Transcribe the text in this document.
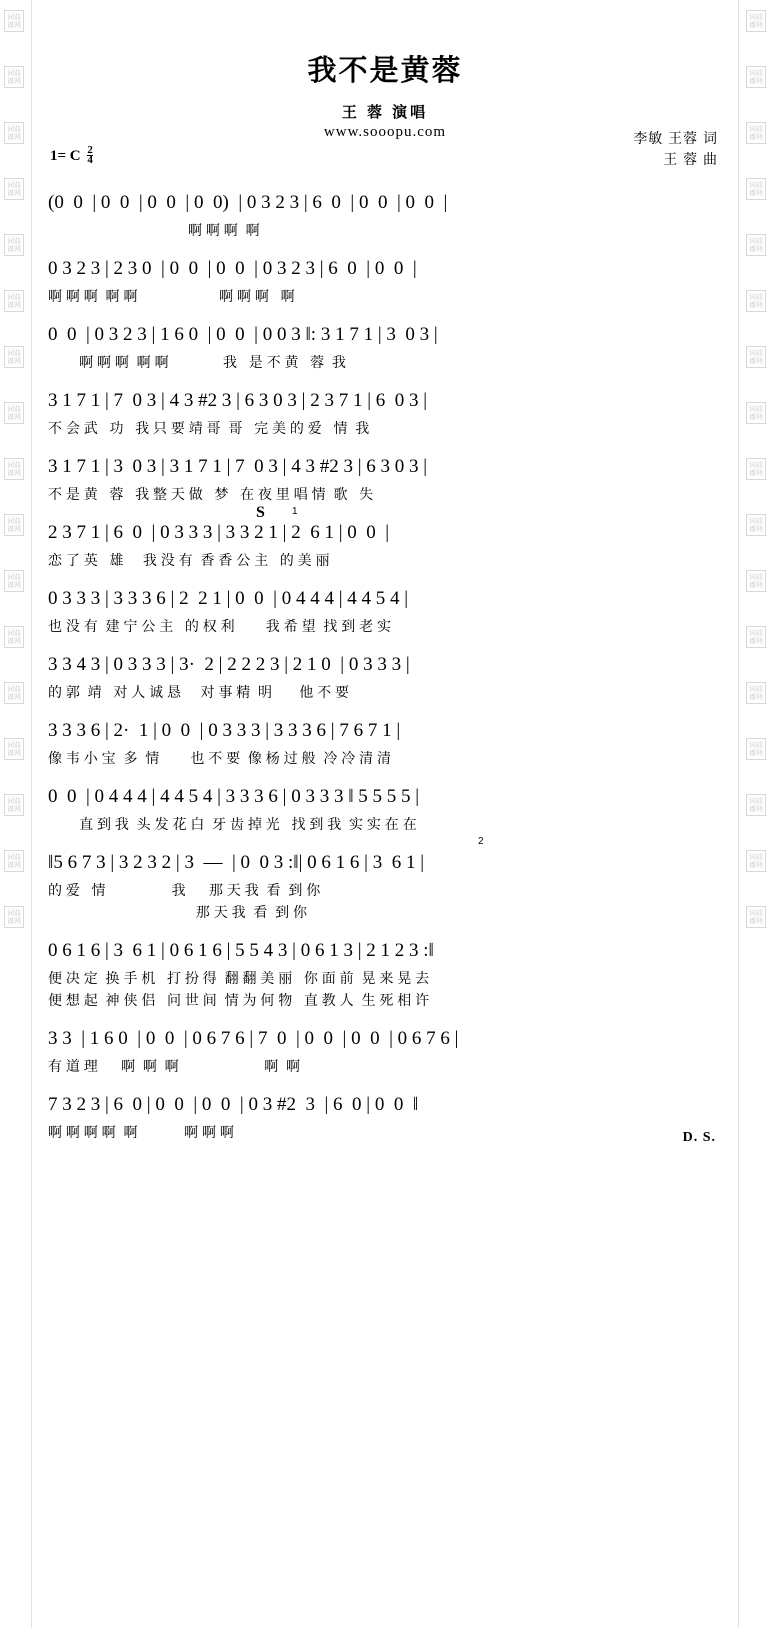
词曲谱网
词曲谱网
词曲谱网
词曲谱网
词曲谱网
词曲谱网
词曲谱网
词曲谱网
词曲谱网
词曲谱网
词曲谱网
词曲谱网
词曲谱网
词曲谱网
词曲谱网
词曲谱网
词曲谱网
词曲谱网
词曲谱网
词曲谱网
词曲谱网
词曲谱网
词曲谱网
词曲谱网
词曲谱网
词曲谱网
词曲谱网
词曲谱网
词曲谱网
词曲谱网
词曲谱网
词曲谱网
词曲谱网
词曲谱网
我不是黄蓉
王 蓉 演唱
www.sooopu.com	李敏 王蓉 词
王 蓉 曲
1= C $\frac{2}{4}$
(0  0  | 0  0  | 0  0  | 0  0)  | 0 3 2 3 | 6  0  | 0  0  | 0  0  |
啊 啊 啊  啊
0 3 2 3 | 2 3 0  | 0  0  | 0  0  | 0 3 2 3 | 6  0  | 0  0  |
啊 啊 啊  啊 啊                     啊 啊 啊   啊
0  0  | 0 3 2 3 | 1 6 0  | 0  0  | 0 0 3 ‖: 3 1 7 1 | 3  0 3 |
啊 啊 啊  啊 啊              我   是 不 黄   蓉  我
3 1 7 1 | 7  0 3 | 4 3 #2 3 | 6 3 0 3 | 2 3 7 1 | 6  0 3 |
不 会 武   功   我 只 要 靖 哥  哥   完 美 的 爱   情  我
3 1 7 1 | 3  0 3 | 3 1 7 1 | 7  0 3 | 4 3 #2 3 | 6 3 0 3 |
不 是 黄   蓉   我 整 天 做   梦   在 夜 里 唱 情  歌   失
S	1
2 3 7 1 | 6  0  | 0 3 3 3 | 3 3 2 1 | 2  6 1 | 0  0  |
恋 了 英   雄     我 没 有  香 香 公 主   的 美 丽
0 3 3 3 | 3 3 3 6 | 2  2 1 | 0  0  | 0 4 4 4 | 4 4 5 4 |
也 没 有  建 宁 公 主   的 权 利        我 希 望  找 到 老 实
3 3 4 3 | 0 3 3 3 | 3·  2 | 2 2 2 3 | 2 1 0  | 0 3 3 3 |
的 郭  靖   对 人 诚 恳     对 事 精  明       他 不 要
3 3 3 6 | 2·  1 | 0  0  | 0 3 3 3 | 3 3 3 6 | 7 6 7 1 |
像 韦 小 宝  多  情        也 不 要  像 杨 过 般  冷 冷 清 清
0  0  | 0 4 4 4 | 4 4 5 4 | 3 3 3 6 | 0 3 3 3 ‖ 5 5 5 5 |
直 到 我  头 发 花 白  牙 齿 掉 光   找 到 我  实 实 在 在
2
‖5 6 7 3 | 3 2 3 2 | 3  —  | 0  0 3 :‖| 0 6 1 6 | 3  6 1 |
的 爱   情                 我      那 天 我  看  到 你
那 天 我  看  到 你
0 6 1 6 | 3  6 1 | 0 6 1 6 | 5 5 4 3 | 0 6 1 3 | 2 1 2 3 :‖
便 决 定  换 手 机   打 扮 得  翻 翻 美 丽   你 面 前  晃 来 晃 去
便 想 起  神 侠 侣   问 世 间  情 为 何 物   直 教 人  生 死 相 许
3 3  | 1 6 0  | 0  0  | 0 6 7 6 | 7  0  | 0  0  | 0  0  | 0 6 7 6 |
有 道 理      啊  啊  啊                      啊  啊
7 3 2 3 | 6  0 | 0  0  | 0  0  | 0 3 #2  3  | 6  0 | 0  0  ‖
啊 啊 啊 啊  啊            啊 啊 啊	D. S.
